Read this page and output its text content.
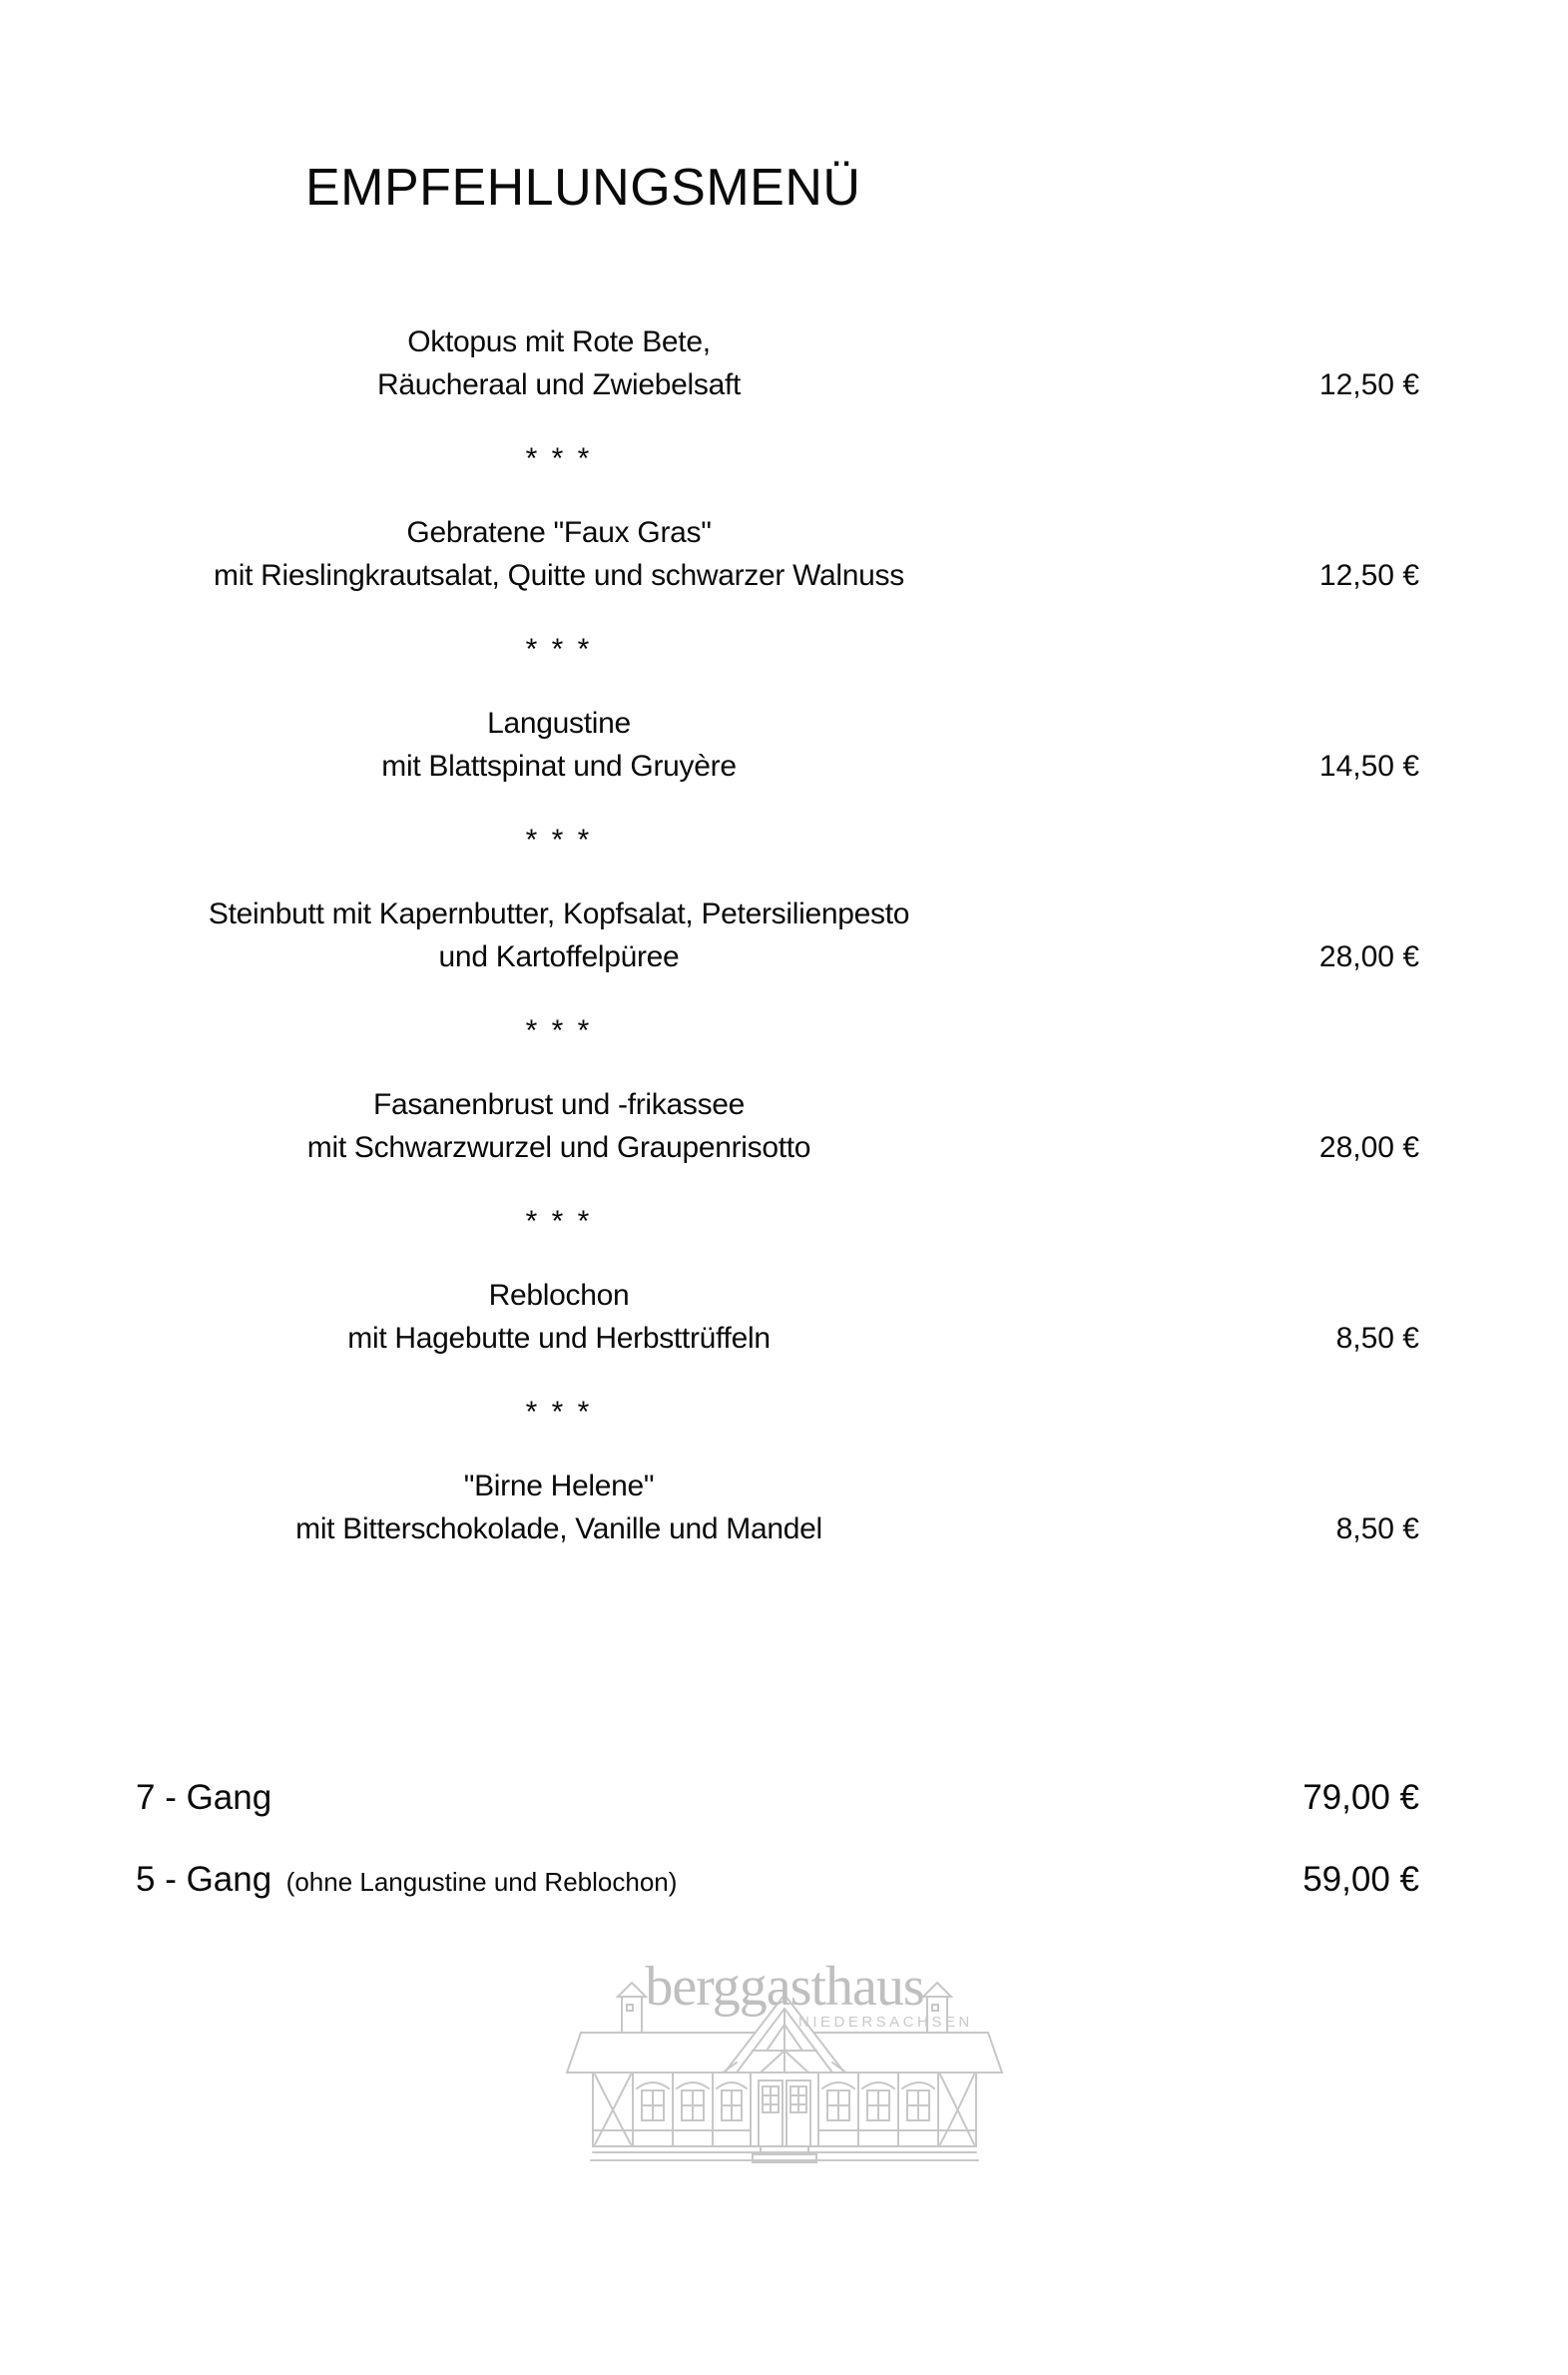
EMPFEHLUNGSMENÜ
Oktopus mit Rote Bete,
Räucheraal und Zwiebelsaft	12,50 €
* * *
Gebratene "Faux Gras"
mit Rieslingkrautsalat, Quitte und schwarzer Walnuss	12,50 €
* * *
Langustine
mit Blattspinat und Gruyère	14,50 €
* * *
Steinbutt mit Kapernbutter, Kopfsalat, Petersilienpesto
und Kartoffelpüree	28,00 €
* * *
Fasanenbrust und -frikassee
mit Schwarzwurzel und Graupenrisotto	28,00 €
* * *
Reblochon
mit Hagebutte und Herbsttrüffeln	8,50 €
* * *
"Birne Helene"
mit Bitterschokolade, Vanille und Mandel	8,50 €
7 - Gang	79,00 €
5 - Gang (ohne Langustine und Reblochon)	59,00 €
berggasthaus
NIEDERSACHSEN
